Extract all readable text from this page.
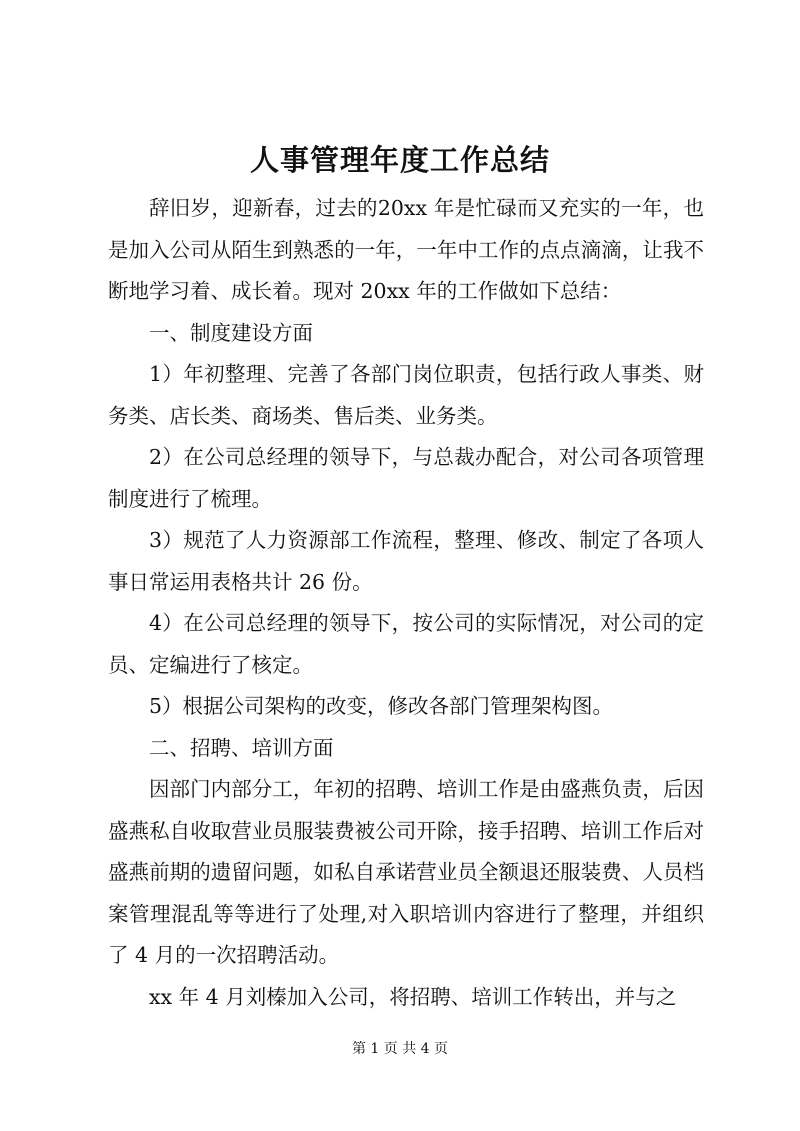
人事管理年度工作总结

辞旧岁，迎新春，过去的20xx 年是忙碌而又充实的一年，也是加入公司从陌生到熟悉的一年，一年中工作的点点滴滴，让我不断地学习着、成长着。现对 20xx 年的工作做如下总结：

一、制度建设方面

1）年初整理、完善了各部门岗位职责，包括行政人事类、财务类、店长类、商场类、售后类、业务类。

2）在公司总经理的领导下，与总裁办配合，对公司各项管理制度进行了梳理。

3）规范了人力资源部工作流程，整理、修改、制定了各项人事日常运用表格共计 26 份。

4）在公司总经理的领导下，按公司的实际情况，对公司的定员、定编进行了核定。

5）根据公司架构的改变，修改各部门管理架构图。

二、招聘、培训方面

因部门内部分工，年初的招聘、培训工作是由盛燕负责，后因盛燕私自收取营业员服装费被公司开除，接手招聘、培训工作后对盛燕前期的遗留问题，如私自承诺营业员全额退还服装费、人员档案管理混乱等等进行了处理,对入职培训内容进行了整理，并组织了 4 月的一次招聘活动。

xx 年 4 月刘榛加入公司，将招聘、培训工作转出，并与之

第 1 页 共 4 页
